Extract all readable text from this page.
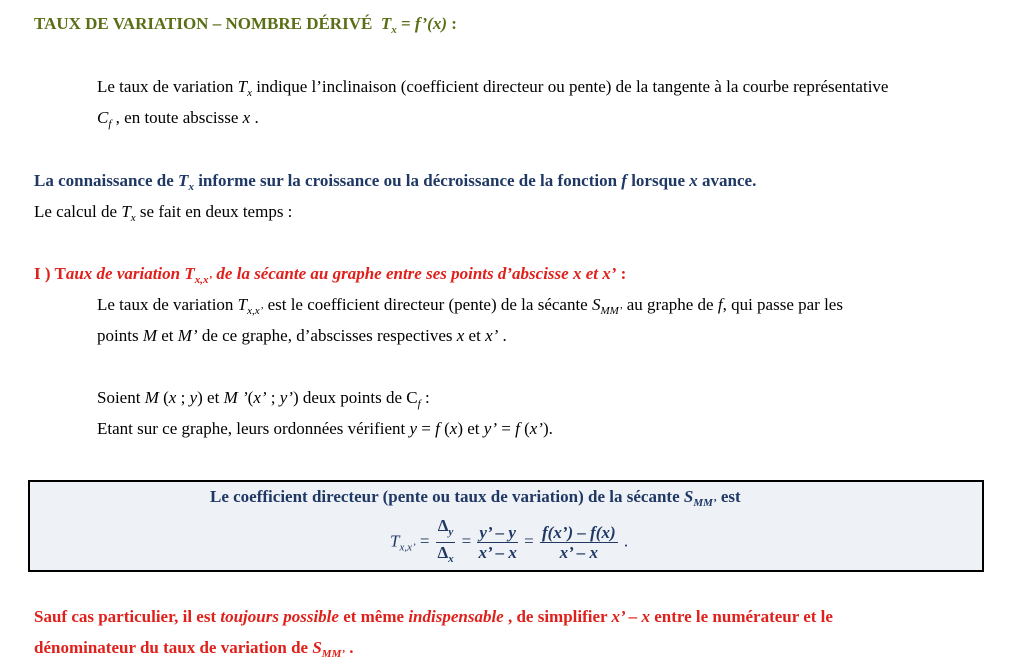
TAUX DE VARIATION – NOMBRE DÉRIVÉ $T_x$ = f’(x) :
Le taux de variation $T_x$ indique l’inclinaison (coefficient directeur ou pente) de la tangente à la courbe représentative
$C_f$ , en toute abscisse x .
La connaissance de $T_x$ informe sur la croissance ou la décroissance de la fonction f lorsque x avance.
Le calcul de $T_x$ se fait en deux temps :
I ) Taux de variation $T_{x,x’}$ de la sécante au graphe entre ses points d’abscisse x et x’ :
Le taux de variation $T_{x,x’}$ est le coefficient directeur (pente) de la sécante $S_{MM’}$ au graphe de f, qui passe par les
points M et M’ de ce graphe, d’abscisses respectives x et x’ .
Soient M (x ; y) et M ’(x’ ; y’) deux points de $C_f$ :
Etant sur ce graphe, leurs ordonnées vérifient y = f (x) et y’ = f (x’).
Le coefficient directeur (pente ou taux de variation) de la sécante $S_{MM’}$ est
$T_{x,x’} = \frac{\Delta_y}{\Delta_x} = \frac{y’ - y}{x’ - x} = \frac{f(x’) - f(x)}{x’ - x}$ .
Sauf cas particulier, il est toujours possible et même indispensable , de simplifier x’ – x entre le numérateur et le
dénominateur du taux de variation de $S_{MM’}$ .
